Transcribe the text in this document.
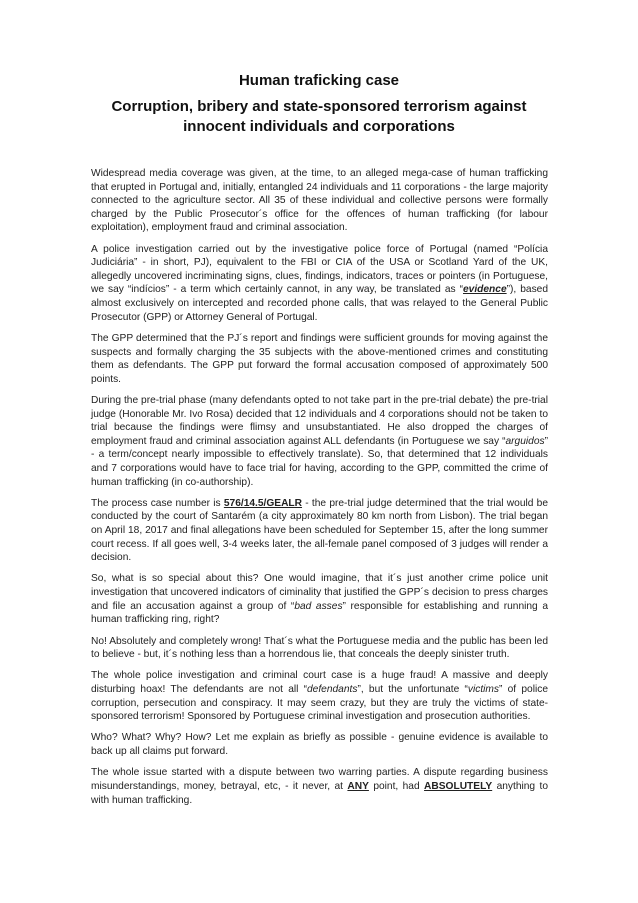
Human traficking case
Corruption, bribery and state-sponsored terrorism against innocent individuals and corporations

Widespread media coverage was given, at the time, to an alleged mega-case of human trafficking that erupted in Portugal and, initially, entangled 24 individuals and 11 corporations - the large majority connected to the agriculture sector. All 35 of these individual and collective persons were formally charged by the Public Prosecutor´s office for the offences of human trafficking (for labour exploitation), employment fraud and criminal association.

A police investigation carried out by the investigative police force of Portugal (named “Polícia Judiciária” - in short, PJ), equivalent to the FBI or CIA of the USA or Scotland Yard of the UK, allegedly uncovered incriminating signs, clues, findings, indicators, traces or pointers (in Portuguese, we say “indícios” - a term which certainly cannot, in any way, be translated as “evidence”), based almost exclusively on intercepted and recorded phone calls, that was relayed to the General Public Prosecutor (GPP) or Attorney General of Portugal.

The GPP determined that the PJ´s report and findings were sufficient grounds for moving against the suspects and formally charging the 35 subjects with the above-mentioned crimes and constituting them as defendants. The GPP put forward the formal accusation composed of approximately 500 points.

During the pre-trial phase (many defendants opted to not take part in the pre-trial debate) the pre-trial judge (Honorable Mr. Ivo Rosa) decided that 12 individuals and 4 corporations should not be taken to trial because the findings were flimsy and unsubstantiated. He also dropped the charges of employment fraud and criminal association against ALL defendants (in Portuguese we say “arguidos” - a term/concept nearly impossible to effectively translate). So, that determined that 12 individuals and 7 corporations would have to face trial for having, according to the GPP, committed the crime of human trafficking (in co-authorship).

The process case number is 576/14.5/GEALR - the pre-trial judge determined that the trial would be conducted by the court of Santarém (a city approximately 80 km north from Lisbon). The trial began on April 18, 2017 and final allegations have been scheduled for September 15, after the long summer court recess. If all goes well, 3-4 weeks later, the all-female panel composed of 3 judges will render a decision.

So, what is so special about this? One would imagine, that it´s just another crime police unit investigation that uncovered indicators of ciminality that justified the GPP´s decision to press charges and file an accusation against a group of “bad asses” responsible for establishing and running a human trafficking ring, right?

No! Absolutely and completely wrong! That´s what the Portuguese media and the public has been led to believe - but, it´s nothing less than a horrendous lie, that conceals the deeply sinister truth.

The whole police investigation and criminal court case is a huge fraud! A massive and deeply disturbing hoax! The defendants are not all “defendants”, but the unfortunate “victims” of police corruption, persecution and conspiracy. It may seem crazy, but they are truly the victims of state-sponsored terrorism! Sponsored by Portuguese criminal investigation and prosecution authorities.

Who? What? Why? How? Let me explain as briefly as possible - genuine evidence is available to back up all claims put forward.

The whole issue started with a dispute between two warring parties. A dispute regarding business misunderstandings, money, betrayal, etc, - it never, at ANY point, had ABSOLUTELY anything to with human trafficking.
